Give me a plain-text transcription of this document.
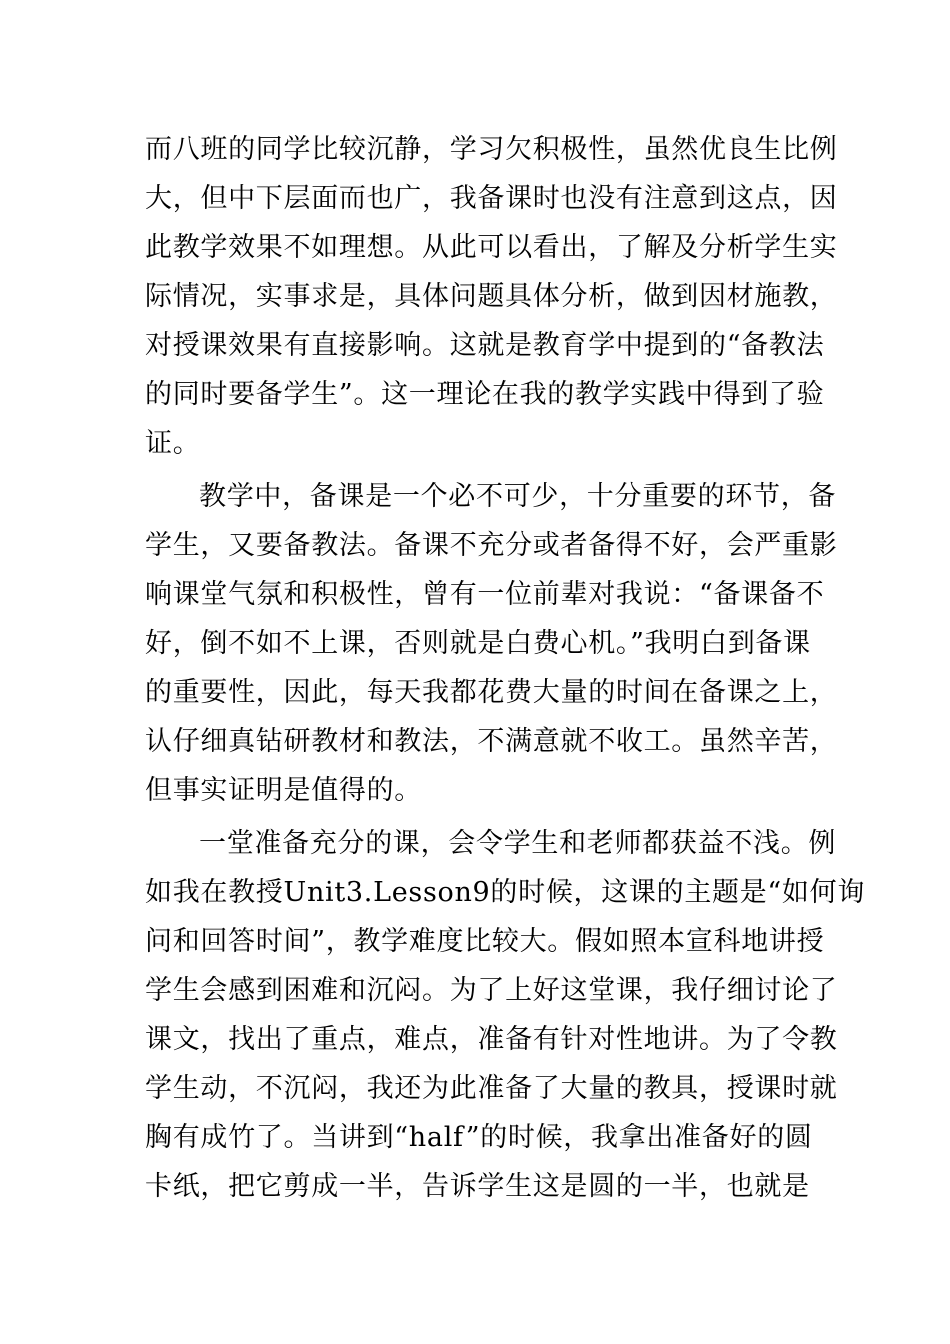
而八班的同学比较沉静，学习欠积极性，虽然优良生比例
大，但中下层面而也广，我备课时也没有注意到这点，因
此教学效果不如理想。从此可以看出，了解及分析学生实
际情况，实事求是，具体问题具体分析，做到因材施教，
对授课效果有直接影响。这就是教育学中提到的“备教法
的同时要备学生”。这一理论在我的教学实践中得到了验
证。
教学中，备课是一个必不可少，十分重要的环节，备
学生，又要备教法。备课不充分或者备得不好，会严重影
响课堂气氛和积极性，曾有一位前辈对我说：“备课备不
好，倒不如不上课，否则就是白费心机。”我明白到备课
的重要性，因此，每天我都花费大量的时间在备课之上，
认仔细真钻研教材和教法，不满意就不收工。虽然辛苦，
但事实证明是值得的。
一堂准备充分的课，会令学生和老师都获益不浅。例
如我在教授Unit3.Lesson9的时候，这课的主题是“如何询
问和回答时间”，教学难度比较大。假如照本宣科地讲授
学生会感到困难和沉闷。为了上好这堂课，我仔细讨论了
课文，找出了重点，难点，准备有针对性地讲。为了令教
学生动，不沉闷，我还为此准备了大量的教具，授课时就
胸有成竹了。当讲到“half”的时候，我拿出准备好的圆
卡纸，把它剪成一半，告诉学生这是圆的一半，也就是
